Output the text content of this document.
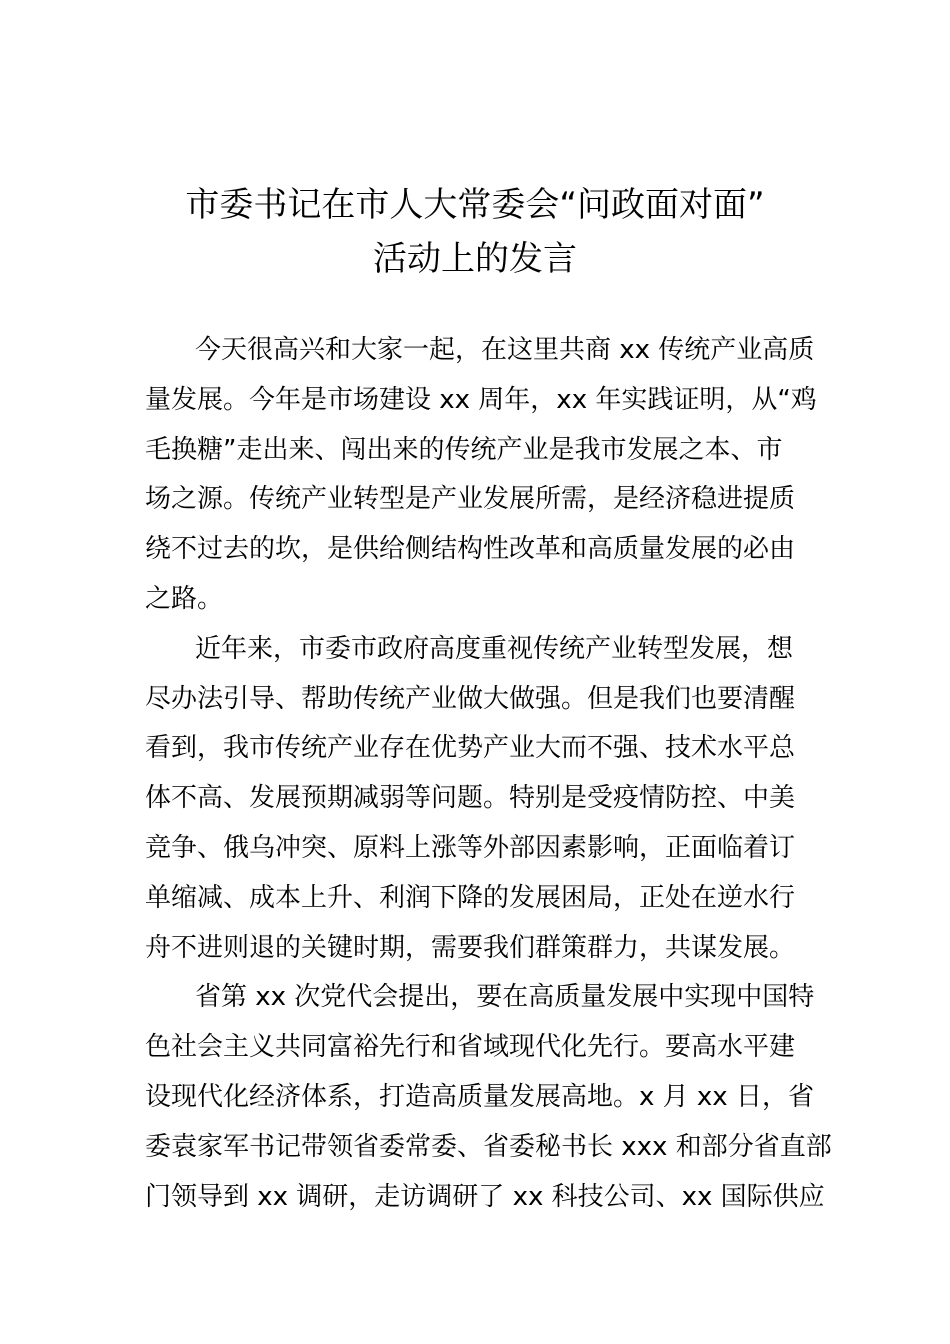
市委书记在市人大常委会“问政面对面”
活动上的发言
今天很高兴和大家一起，在这里共商 xx 传统产业高质
量发展。今年是市场建设 xx 周年，xx 年实践证明，从“鸡
毛换糖”走出来、闯出来的传统产业是我市发展之本、市
场之源。传统产业转型是产业发展所需，是经济稳进提质
绕不过去的坎，是供给侧结构性改革和高质量发展的必由
之路。
近年来，市委市政府高度重视传统产业转型发展，想
尽办法引导、帮助传统产业做大做强。但是我们也要清醒
看到，我市传统产业存在优势产业大而不强、技术水平总
体不高、发展预期减弱等问题。特别是受疫情防控、中美
竞争、俄乌冲突、原料上涨等外部因素影响，正面临着订
单缩减、成本上升、利润下降的发展困局，正处在逆水行
舟不进则退的关键时期，需要我们群策群力，共谋发展。
省第 xx 次党代会提出，要在高质量发展中实现中国特
色社会主义共同富裕先行和省域现代化先行。要高水平建
设现代化经济体系，打造高质量发展高地。x 月 xx 日，省
委袁家军书记带领省委常委、省委秘书长 xxx 和部分省直部
门领导到 xx 调研，走访调研了 xx 科技公司、xx 国际供应
